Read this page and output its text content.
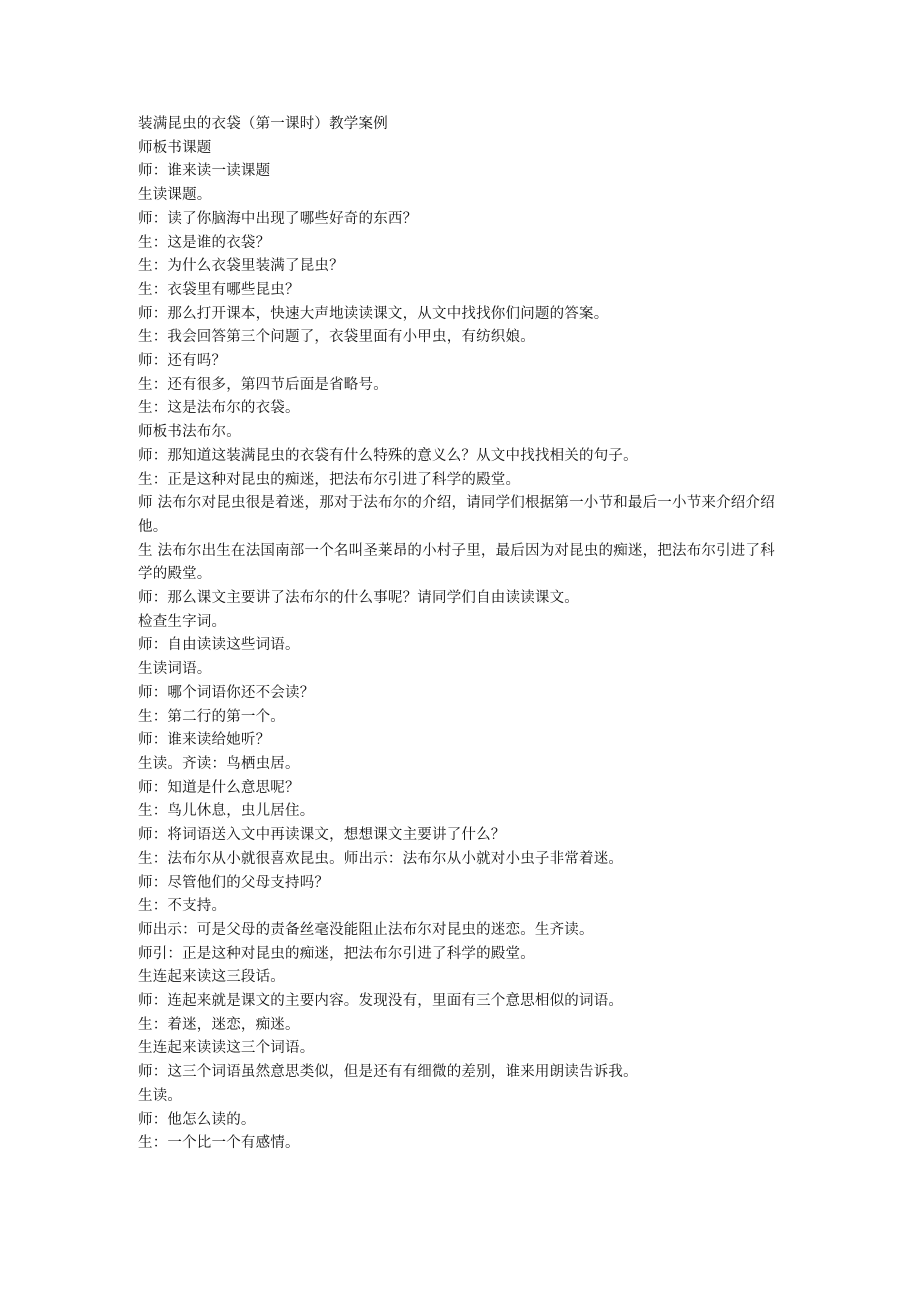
装满昆虫的衣袋（第一课时）教学案例

师板书课题

师：谁来读一读课题

生读课题。

师：读了你脑海中出现了哪些好奇的东西？

生：这是谁的衣袋？

生：为什么衣袋里装满了昆虫？

生：衣袋里有哪些昆虫？

师：那么打开课本，快速大声地读读课文，从文中找找你们问题的答案。

生：我会回答第三个问题了，衣袋里面有小甲虫，有纺织娘。

师：还有吗？

生：还有很多，第四节后面是省略号。

生：这是法布尔的衣袋。

师板书法布尔。

师：那知道这装满昆虫的衣袋有什么特殊的意义么？从文中找找相关的句子。

生：正是这种对昆虫的痴迷，把法布尔引进了科学的殿堂。

师 法布尔对昆虫很是着迷，那对于法布尔的介绍，请同学们根据第一小节和最后一小节来介绍介绍他。

生 法布尔出生在法国南部一个名叫圣莱昂的小村子里，最后因为对昆虫的痴迷，把法布尔引进了科学的殿堂。

师：那么课文主要讲了法布尔的什么事呢？请同学们自由读读课文。

检查生字词。

师：自由读读这些词语。

生读词语。

师：哪个词语你还不会读？

生：第二行的第一个。

师：谁来读给她听？

生读。齐读：鸟栖虫居。

师：知道是什么意思呢？

生：鸟儿休息，虫儿居住。

师：将词语送入文中再读课文，想想课文主要讲了什么？

生：法布尔从小就很喜欢昆虫。师出示：法布尔从小就对小虫子非常着迷。

师：尽管他们的父母支持吗？

生：不支持。

师出示：可是父母的责备丝毫没能阻止法布尔对昆虫的迷恋。生齐读。

师引：正是这种对昆虫的痴迷，把法布尔引进了科学的殿堂。

生连起来读这三段话。

师：连起来就是课文的主要内容。发现没有，里面有三个意思相似的词语。

生：着迷，迷恋，痴迷。

生连起来读读这三个词语。

师：这三个词语虽然意思类似，但是还有有细微的差别，谁来用朗读告诉我。

生读。

师：他怎么读的。

生：一个比一个有感情。
